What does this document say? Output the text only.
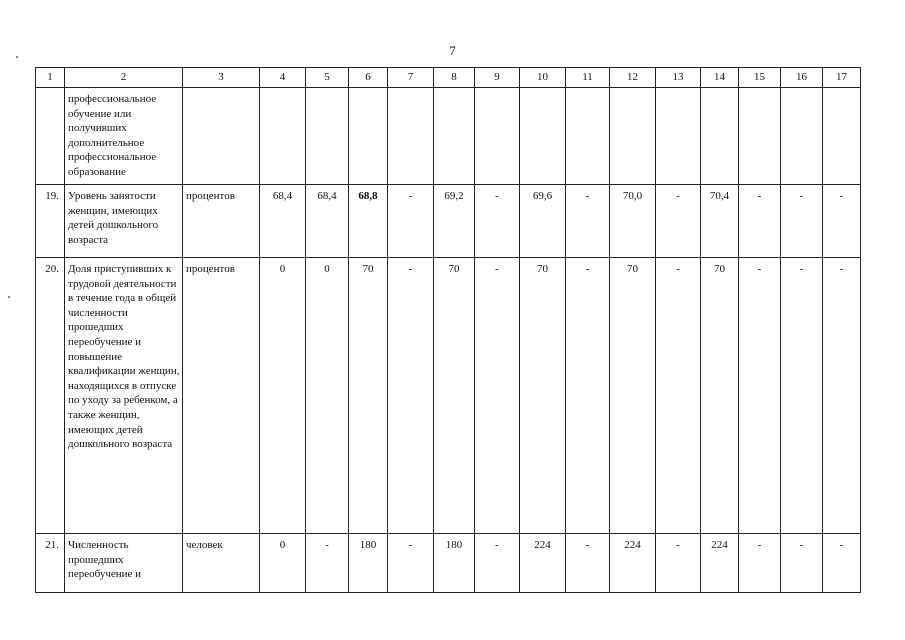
7
1	2	3	4	5	6	7	8	9	10	11	12	13	14	15	16	17
	профессиональное обучение или получивших дополнительное профессиональное образование															
19.	Уровень занятости женщин, имеющих детей дошкольного возраста	процентов	68,4	68,4	68,8	-	69,2	-	69,6	-	70,0	-	70,4	-	-	-
20.	Доля приступивших к трудовой деятельности в течение года в общей численности прошедших переобучение и повышение квалификации женщин, находящихся в отпуске по уходу за ребенком, а также женщин, имеющих детей дошкольного возраста	процентов	0	0	70	-	70	-	70	-	70	-	70	-	-	-
21.	Численность прошедших переобучение и	человек	0	-	180	-	180	-	224	-	224	-	224	-	-	-
